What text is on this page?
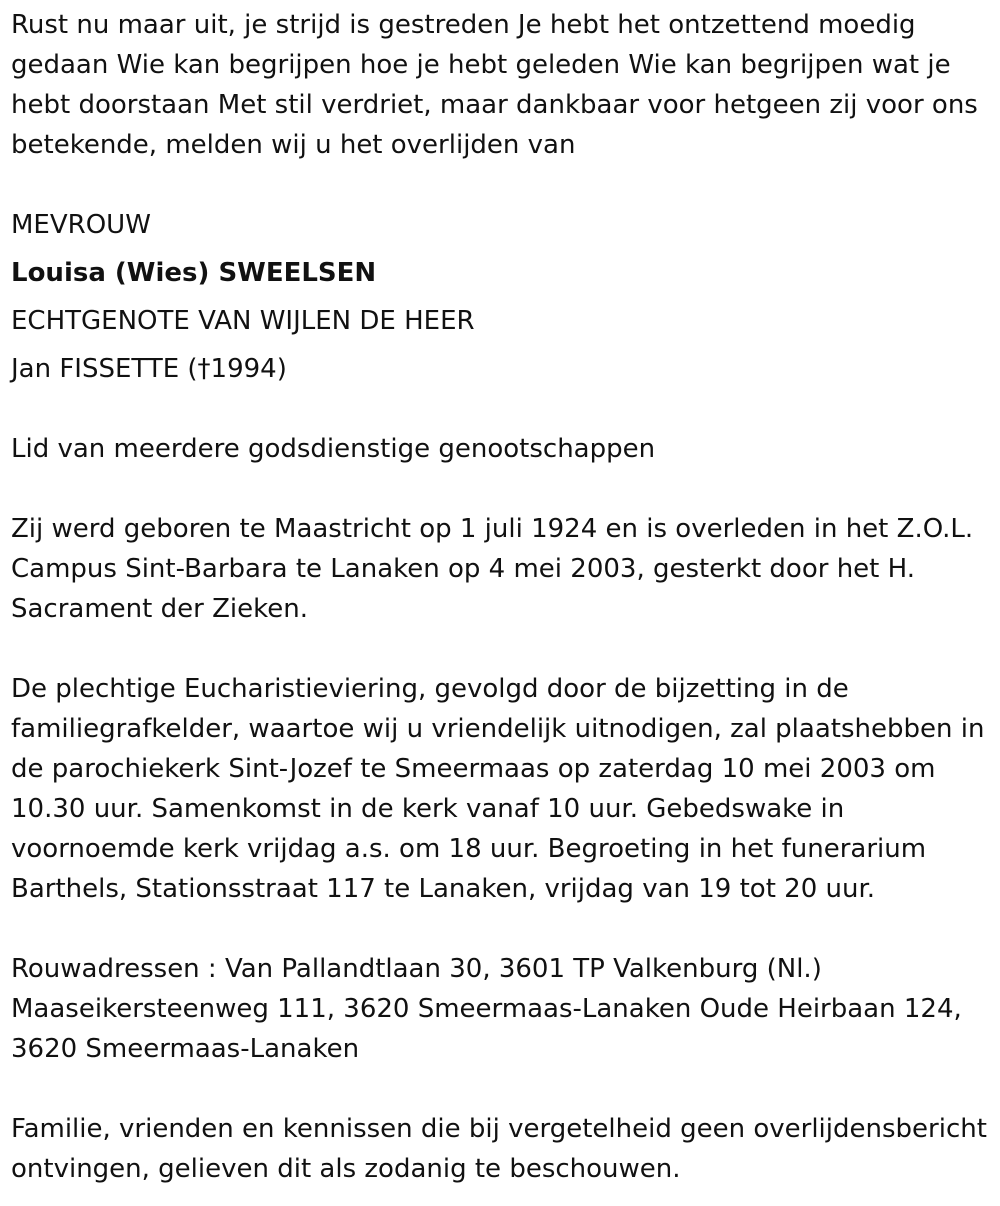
Rust nu maar uit, je strijd is gestreden Je hebt het ontzettend moedig gedaan Wie kan begrijpen hoe je hebt geleden Wie kan begrijpen wat je hebt doorstaan Met stil verdriet, maar dankbaar voor hetgeen zij voor ons betekende, melden wij u het overlijden van

MEVROUW

Louisa (Wies) SWEELSEN

ECHTGENOTE VAN WIJLEN DE HEER

Jan FISSETTE (†1994)

Lid van meerdere godsdienstige genootschappen

Zij werd geboren te Maastricht op 1 juli 1924 en is overleden in het Z.O.L. Campus Sint-Barbara te Lanaken op 4 mei 2003, gesterkt door het H. Sacrament der Zieken.

De plechtige Eucharistieviering, gevolgd door de bijzetting in de familiegrafkelder, waartoe wij u vriendelijk uitnodigen, zal plaatshebben in de parochiekerk Sint-Jozef te Smeermaas op zaterdag 10 mei 2003 om 10.30 uur. Samenkomst in de kerk vanaf 10 uur. Gebedswake in voornoemde kerk vrijdag a.s. om 18 uur. Begroeting in het funerarium Barthels, Stationsstraat 117 te Lanaken, vrijdag van 19 tot 20 uur.

Rouwadressen : Van Pallandtlaan 30, 3601 TP Valkenburg (Nl.) Maaseikersteenweg 111, 3620 Smeermaas-Lanaken Oude Heirbaan 124, 3620 Smeermaas-Lanaken

Familie, vrienden en kennissen die bij vergetelheid geen overlijdensbericht ontvingen, gelieven dit als zodanig te beschouwen.
